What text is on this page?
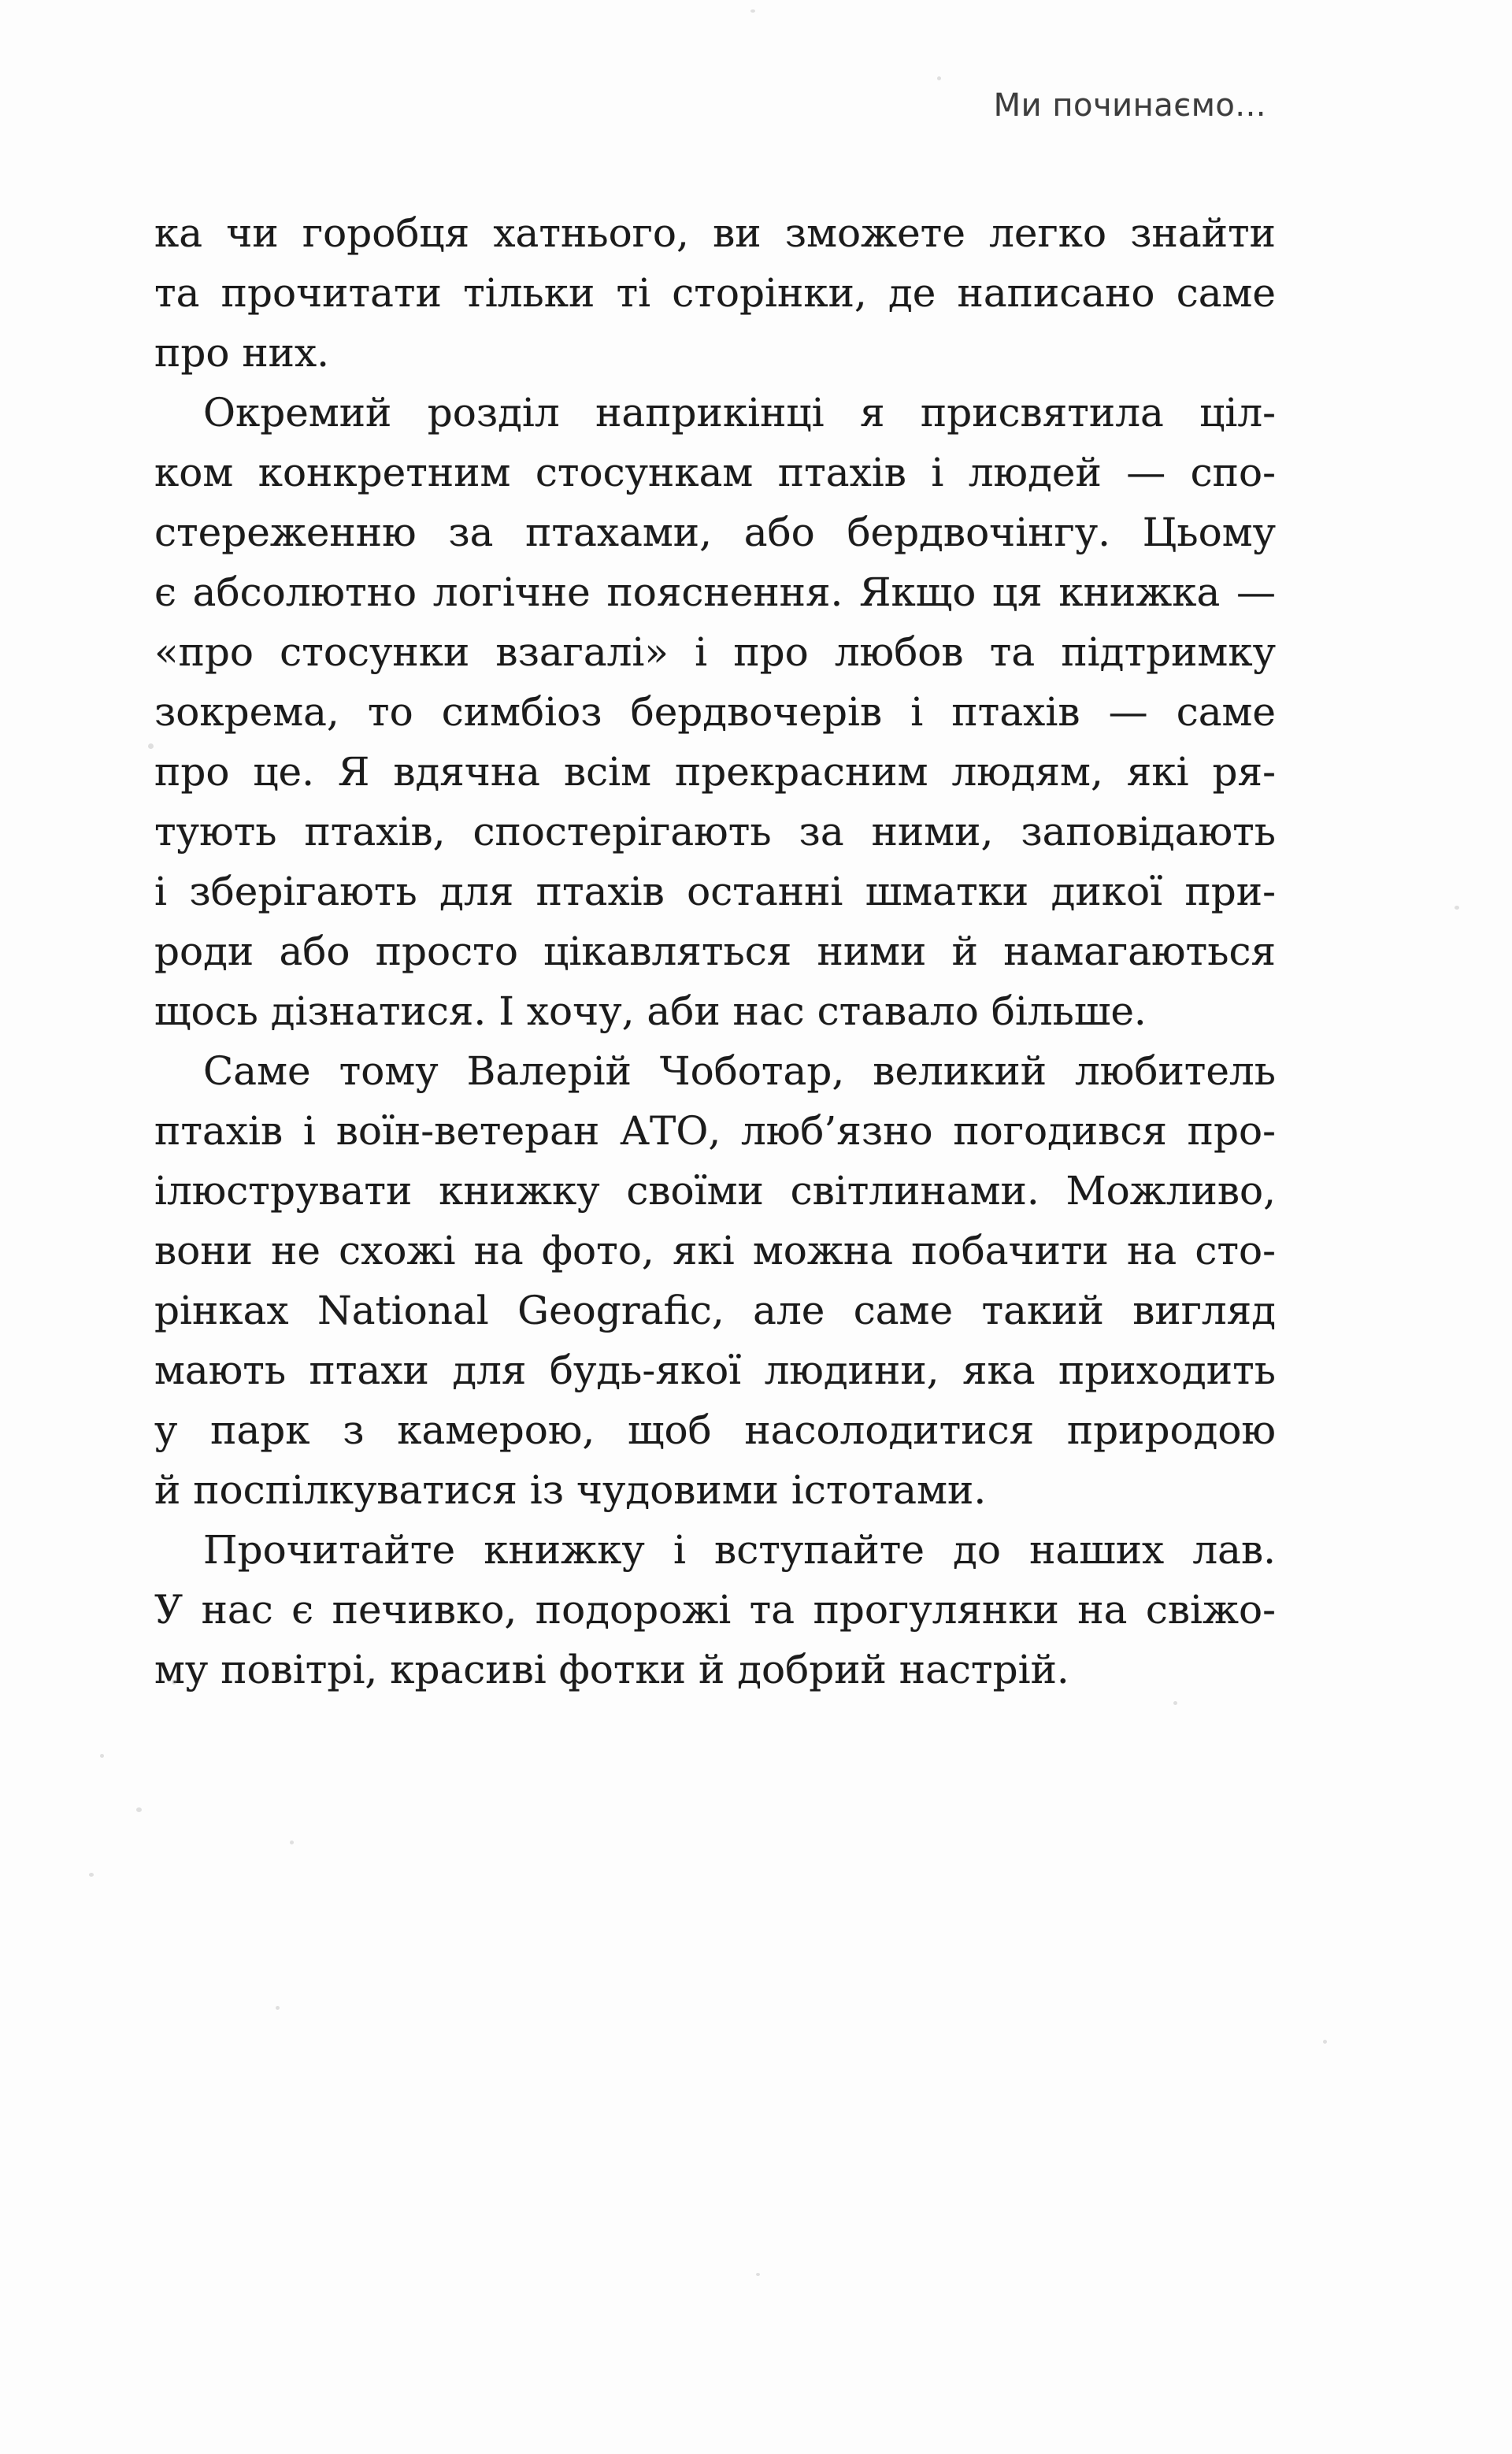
Ми починаємо...
ка чи горобця хатнього, ви зможете легко знайти
та прочитати тільки ті сторінки, де написано саме
про них.
Окремий розділ наприкінці я присвятила ціл-
ком конкретним стосункам птахів і людей — спо-
стереженню за птахами, або бердвочінгу. Цьому
є абсолютно логічне пояснення. Якщо ця книжка —
«про стосунки взагалі» і про любов та підтримку
зокрема, то симбіоз бердвочерів і птахів — саме
про це. Я вдячна всім прекрасним людям, які ря-
тують птахів, спостерігають за ними, заповідають
і зберігають для птахів останні шматки дикої при-
роди або просто цікавляться ними й намагаються
щось дізнатися. І хочу, аби нас ставало більше.
Саме тому Валерій Чоботар, великий любитель
птахів і воїн-ветеран АТО, люб’язно погодився про-
ілюструвати книжку своїми світлинами. Можливо,
вони не схожі на фото, які можна побачити на сто-
рінках National Geografic, але саме такий вигляд
мають птахи для будь-якої людини, яка приходить
у парк з камерою, щоб насолодитися природою
й поспілкуватися із чудовими істотами.
Прочитайте книжку і вступайте до наших лав.
У нас є печивко, подорожі та прогулянки на свіжо-
му повітрі, красиві фотки й добрий настрій.
